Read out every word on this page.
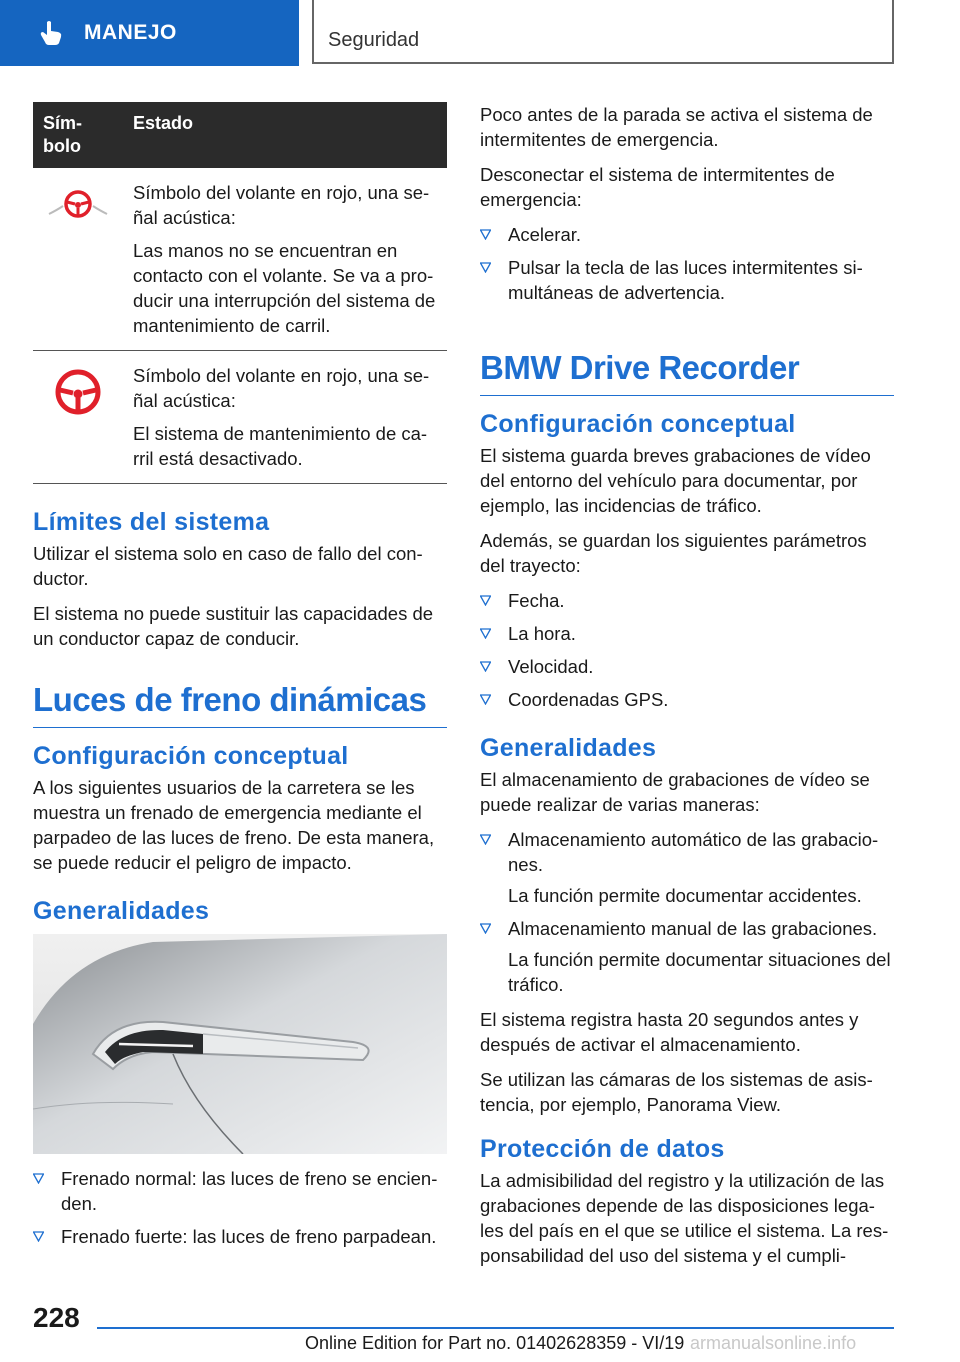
MANEJO	Seguridad
Sím-
bolo	Estado

Símbolo del volante en rojo, una se-ñal acústica:

Las manos no se encuentran en contacto con el volante. Se va a pro-ducir una interrupción del sistema de mantenimiento de carril.

Símbolo del volante en rojo, una se-ñal acústica:

El sistema de mantenimiento de ca-rril está desactivado.

Límites del sistema

Utilizar el sistema solo en caso de fallo del con-ductor.

El sistema no puede sustituir las capacidades de un conductor capaz de conducir.

Luces de freno dinámicas
Configuración conceptual

A los siguientes usuarios de la carretera se les muestra un frenado de emergencia mediante el parpadeo de las luces de freno. De esta manera, se puede reducir el peligro de impacto.

Generalidades
Frenado normal: las luces de freno se encien-den.
Frenado fuerte: las luces de freno parpadean.

Poco antes de la parada se activa el sistema de intermitentes de emergencia.

Desconectar el sistema de intermitentes de emergencia:

Acelerar.
Pulsar la tecla de las luces intermitentes si-multáneas de advertencia.
BMW Drive Recorder
Configuración conceptual

El sistema guarda breves grabaciones de vídeo del entorno del vehículo para documentar, por ejemplo, las incidencias de tráfico.

Además, se guardan los siguientes parámetros del trayecto:

Fecha.
La hora.
Velocidad.
Coordenadas GPS.
Generalidades

El almacenamiento de grabaciones de vídeo se puede realizar de varias maneras:

Almacenamiento automático de las grabacio-nes.

La función permite documentar accidentes.

Almacenamiento manual de las grabaciones.

La función permite documentar situaciones del tráfico.

El sistema registra hasta 20 segundos antes y después de activar el almacenamiento.

Se utilizan las cámaras de los sistemas de asis-tencia, por ejemplo, Panorama View.

Protección de datos

La admisibilidad del registro y la utilización de las grabaciones depende de las disposiciones lega-les del país en el que se utilice el sistema. La res-ponsabilidad del uso del sistema y el cumpli-

228
Online Edition for Part no. 01402628359 - VI/19 armanualsonline.info
